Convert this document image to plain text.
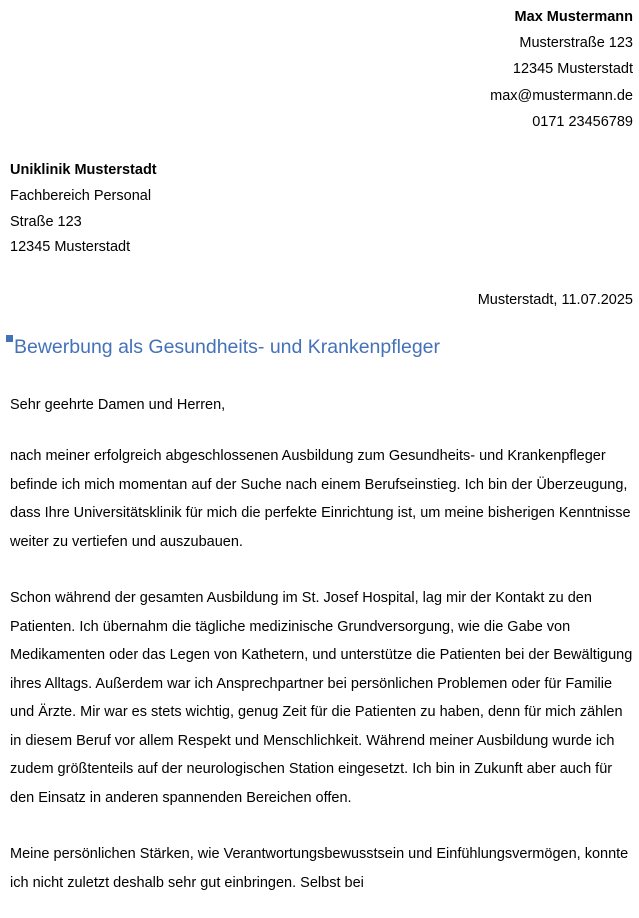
Max Mustermann
Musterstraße 123
12345 Musterstadt
max@mustermann.de
0171 23456789
Uniklinik Musterstadt
Fachbereich Personal
Straße 123
12345 Musterstadt
Musterstadt, 11.07.2025
Bewerbung als Gesundheits- und Krankenpfleger
Sehr geehrte Damen und Herren,

nach meiner erfolgreich abgeschlossenen Ausbildung zum Gesundheits- und Krankenpfleger befinde ich mich momentan auf der Suche nach einem Berufseinstieg. Ich bin der Überzeugung, dass Ihre Universitätsklinik für mich die perfekte Einrichtung ist, um meine bisherigen Kenntnisse weiter zu vertiefen und auszubauen.

Schon während der gesamten Ausbildung im St. Josef Hospital, lag mir der Kontakt zu den Patienten. Ich übernahm die tägliche medizinische Grundversorgung, wie die Gabe von Medikamenten oder das Legen von Kathetern, und unterstütze die Patienten bei der Bewältigung ihres Alltags. Außerdem war ich Ansprechpartner bei persönlichen Problemen oder für Familie und Ärzte. Mir war es stets wichtig, genug Zeit für die Patienten zu haben, denn für mich zählen in diesem Beruf vor allem Respekt und Menschlichkeit. Während meiner Ausbildung wurde ich zudem größtenteils auf der neurologischen Station eingesetzt. Ich bin in Zukunft aber auch für den Einsatz in anderen spannenden Bereichen offen.

Meine persönlichen Stärken, wie Verantwortungsbewusstsein und Einfühlungsvermögen, konnte ich nicht zuletzt deshalb sehr gut einbringen. Selbst bei
